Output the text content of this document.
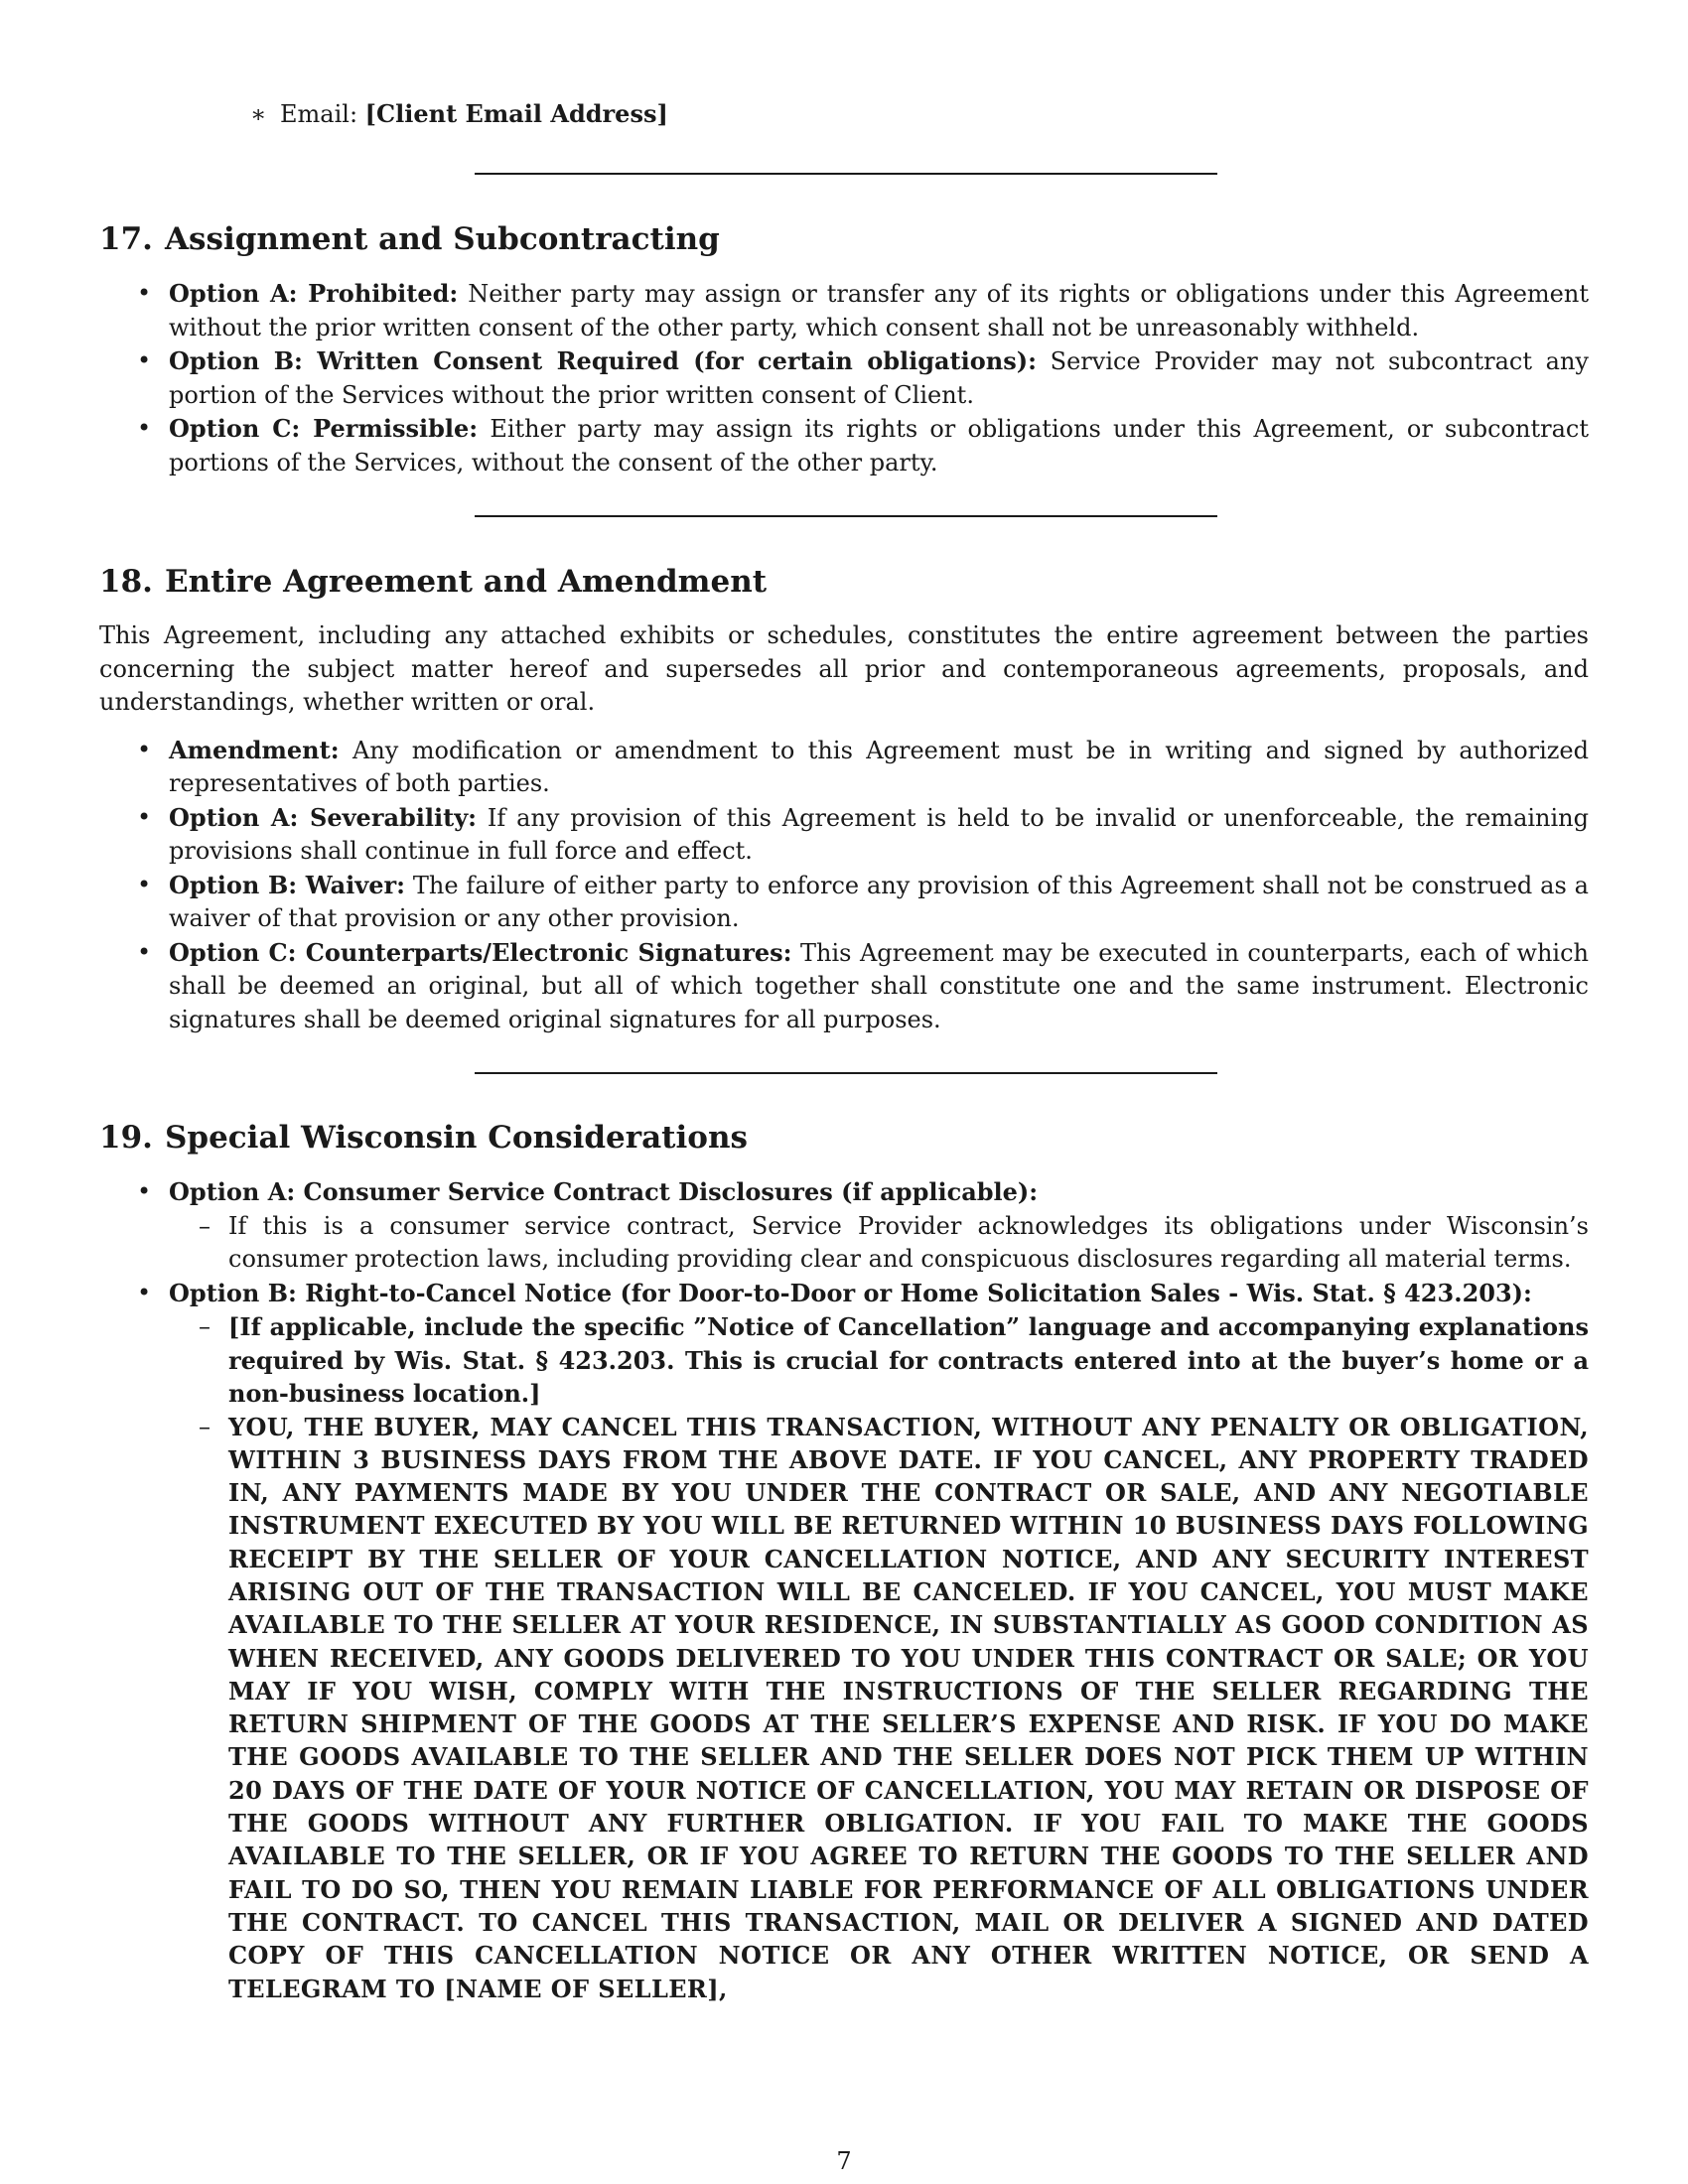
∗ Email: [Client Email Address]
17. Assignment and Subcontracting
• Option A: Prohibited: Neither party may assign or transfer any of its rights or obligations under this Agreement without the prior written consent of the other party, which consent shall not be unreasonably withheld.
• Option B: Written Consent Required (for certain obligations): Service Provider may not subcontract any portion of the Services without the prior written consent of Client.
• Option C: Permissible: Either party may assign its rights or obligations under this Agreement, or subcontract portions of the Services, without the consent of the other party.
18. Entire Agreement and Amendment
This Agreement, including any attached exhibits or schedules, constitutes the entire agreement between the parties concerning the subject matter hereof and supersedes all prior and contemporaneous agreements, proposals, and understandings, whether written or oral.
• Amendment: Any modification or amendment to this Agreement must be in writing and signed by authorized representatives of both parties.
• Option A: Severability: If any provision of this Agreement is held to be invalid or unenforceable, the remaining provisions shall continue in full force and effect.
• Option B: Waiver: The failure of either party to enforce any provision of this Agreement shall not be construed as a waiver of that provision or any other provision.
• Option C: Counterparts/Electronic Signatures: This Agreement may be executed in counterparts, each of which shall be deemed an original, but all of which together shall constitute one and the same instrument. Electronic signatures shall be deemed original signatures for all purposes.
19. Special Wisconsin Considerations
• Option A: Consumer Service Contract Disclosures (if applicable):
– If this is a consumer service contract, Service Provider acknowledges its obligations under Wisconsin’s consumer protection laws, including providing clear and conspicuous disclosures regarding all material terms.
• Option B: Right-to-Cancel Notice (for Door-to-Door or Home Solicitation Sales - Wis. Stat. § 423.203):
– [If applicable, include the specific ”Notice of Cancellation” language and accompanying explanations required by Wis. Stat. § 423.203. This is crucial for contracts entered into at the buyer’s home or a non-business location.]
– YOU, THE BUYER, MAY CANCEL THIS TRANSACTION, WITHOUT ANY PENALTY OR OBLIGATION, WITHIN 3 BUSINESS DAYS FROM THE ABOVE DATE. IF YOU CANCEL, ANY PROPERTY TRADED IN, ANY PAYMENTS MADE BY YOU UNDER THE CONTRACT OR SALE, AND ANY NEGOTIABLE INSTRUMENT EXECUTED BY YOU WILL BE RETURNED WITHIN 10 BUSINESS DAYS FOLLOWING RECEIPT BY THE SELLER OF YOUR CANCELLATION NOTICE, AND ANY SECURITY INTEREST ARISING OUT OF THE TRANSACTION WILL BE CANCELED. IF YOU CANCEL, YOU MUST MAKE AVAILABLE TO THE SELLER AT YOUR RESIDENCE, IN SUBSTANTIALLY AS GOOD CONDITION AS WHEN RECEIVED, ANY GOODS DELIVERED TO YOU UNDER THIS CONTRACT OR SALE; OR YOU MAY IF YOU WISH, COMPLY WITH THE INSTRUCTIONS OF THE SELLER REGARDING THE RETURN SHIPMENT OF THE GOODS AT THE SELLER’S EXPENSE AND RISK. IF YOU DO MAKE THE GOODS AVAILABLE TO THE SELLER AND THE SELLER DOES NOT PICK THEM UP WITHIN 20 DAYS OF THE DATE OF YOUR NOTICE OF CANCELLATION, YOU MAY RETAIN OR DISPOSE OF THE GOODS WITHOUT ANY FURTHER OBLIGATION. IF YOU FAIL TO MAKE THE GOODS AVAILABLE TO THE SELLER, OR IF YOU AGREE TO RETURN THE GOODS TO THE SELLER AND FAIL TO DO SO, THEN YOU REMAIN LIABLE FOR PERFORMANCE OF ALL OBLIGATIONS UNDER THE CONTRACT. TO CANCEL THIS TRANSACTION, MAIL OR DELIVER A SIGNED AND DATED COPY OF THIS CANCELLATION NOTICE OR ANY OTHER WRITTEN NOTICE, OR SEND A TELEGRAM TO [NAME OF SELLER],
7
